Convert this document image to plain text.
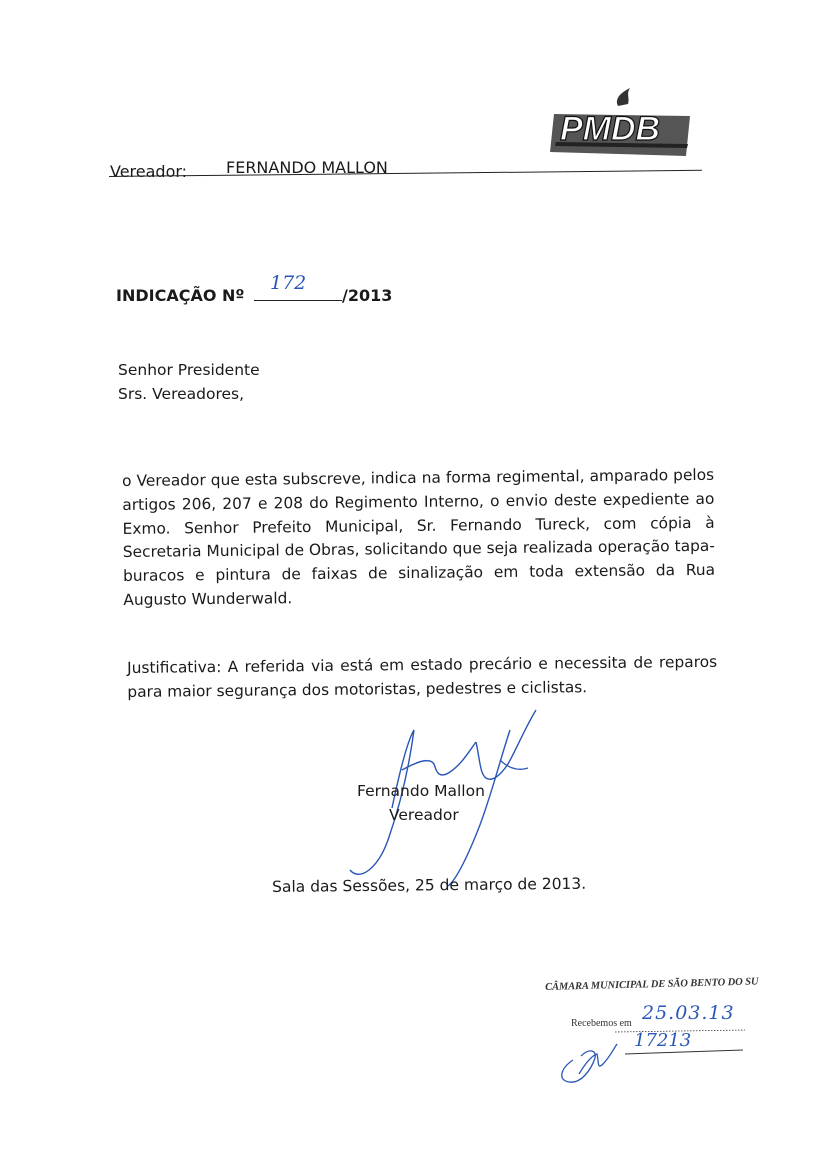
PMDB
Vereador: FERNANDO MALLON
INDICAÇÃO Nº
172
/2013
Senhor Presidente
Srs. Vereadores,

o Vereador que esta subscreve, indica na forma regimental, amparado pelos artigos 206, 207 e 208 do Regimento Interno, o envio deste expediente ao Exmo. Senhor Prefeito Municipal, Sr. Fernando Tureck, com cópia à Secretaria Municipal de Obras, solicitando que seja realizada operação tapa-buracos e pintura de faixas de sinalização em toda extensão da Rua Augusto Wunderwald.

Justificativa: A referida via está em estado precário e necessita de reparos para maior segurança dos motoristas, pedestres e ciclistas.

Fernando Mallon
Vereador
Sala das Sessões, 25 de março de 2013.
CÂMARA MUNICIPAL DE SÃO BENTO DO SU
Recebemos em 25.03.13
17213
